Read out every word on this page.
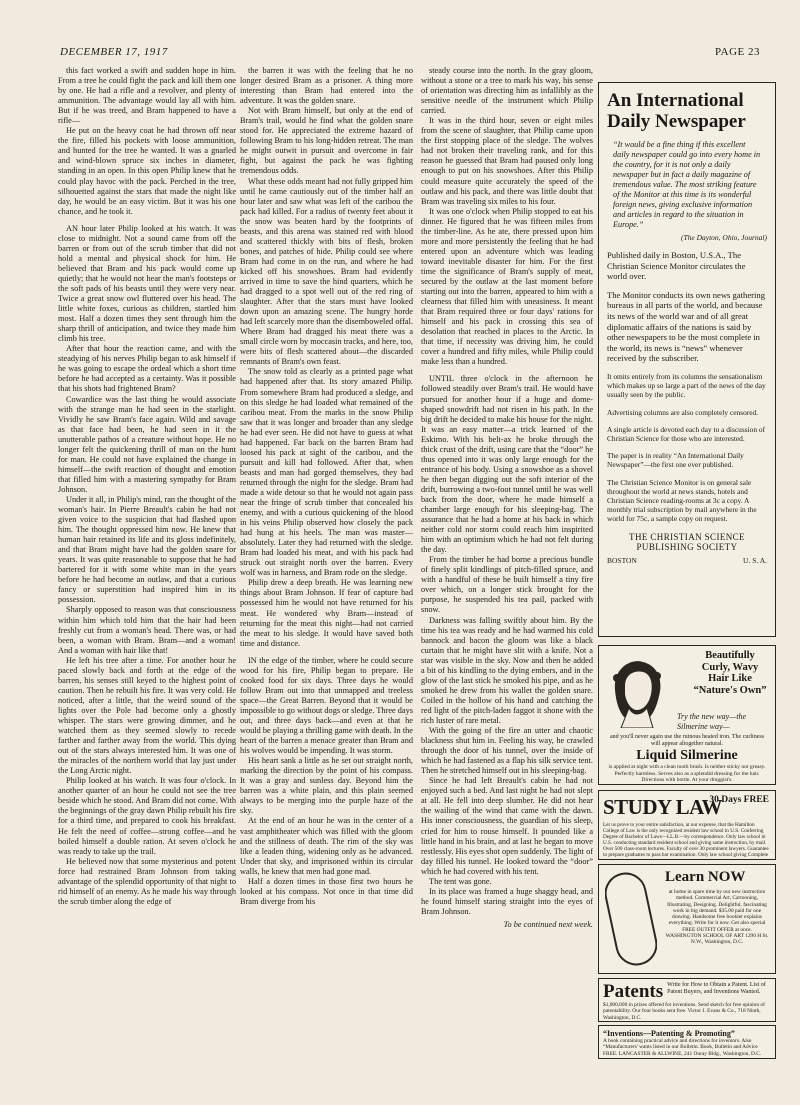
DECEMBER 17, 1917	PAGE 23

this fact worked a swift and sudden hope in him. From a tree he could fight the pack and kill them one by one. He had a rifle and a revolver, and plenty of ammunition. The advantage would lay all with him. But if he was treed, and Bram happened to have a rifle—

He put on the heavy coat he had thrown off near the fire, filled his pockets with loose ammunition, and hunted for the tree he wanted. It was a gnarled and wind-blown spruce six inches in diameter, standing in an open. In this open Philip knew that he could play havoc with the pack. Perched in the tree, silhouetted against the stars that made the night like day, he would be an easy victim. But it was his one chance, and he took it.

AN hour later Philip looked at his watch. It was close to midnight. Not a sound came from off the barren or from out of the scrub timber that did not hold a mental and physical shock for him. He believed that Bram and his pack would come up quietly; that he would not hear the man's footsteps or the soft pads of his beasts until they were very near. Twice a great snow owl fluttered over his head. The little white foxes, curious as children, startled him most. Half a dozen times they sent through him the sharp thrill of anticipation, and twice they made him climb his tree.

After that hour the reaction came, and with the steadying of his nerves Philip began to ask himself if he was going to escape the ordeal which a short time before he had accepted as a certainty. Was it possible that his shots had frightened Bram?

Cowardice was the last thing he would associate with the strange man he had seen in the starlight. Vividly he saw Bram's face again. Wild and savage as that face had been, he had seen in it the unutterable pathos of a creature without hope. He no longer felt the quickening thrill of man on the hunt for man. He could not have explained the change in himself—the swift reaction of thought and emotion that filled him with a mastering sympathy for Bram Johnson.

Under it all, in Philip's mind, ran the thought of the woman's hair. In Pierre Breault's cabin he had not given voice to the suspicion that had flashed upon him. The thought oppressed him now. He knew that human hair retained its life and its gloss indefinitely, and that Bram might have had the golden snare for years. It was quite reasonable to suppose that he had bartered for it with some white man in the years before he had become an outlaw, and that a curious fancy or superstition had inspired him in its possession.

Sharply opposed to reason was that consciousness within him which told him that the hair had been freshly cut from a woman's head. There was, or had been, a woman with Bram. Bram—and a woman! And a woman with hair like that!

He left his tree after a time. For another hour he paced slowly back and forth at the edge of the barren, his senses still keyed to the highest point of caution. Then he rebuilt his fire. It was very cold. He noticed, after a little, that the weird sound of the lights over the Pole had become only a ghostly whisper. The stars were growing dimmer, and he watched them as they seemed slowly to recede farther and farther away from the world. This dying out of the stars always interested him. It was one of the miracles of the northern world that lay just under the Long Arctic night.

Philip looked at his watch. It was four o'clock. In another quarter of an hour he could not see the tree beside which he stood. And Bram did not come. With the beginnings of the gray dawn Philip rebuilt his fire for a third time, and prepared to cook his breakfast. He felt the need of coffee—strong coffee—and he boiled himself a double ration. At seven o'clock he was ready to take up the trail.

He believed now that some mysterious and potent force had restrained Bram Johnson from taking advantage of the splendid opportunity of that night to rid himself of an enemy. As he made his way through the scrub timber along the edge of

the barren it was with the feeling that he no longer desired Bram as a prisoner. A thing more interesting than Bram had entered into the adventure. It was the golden snare.

Not with Bram himself, but only at the end of Bram's trail, would he find what the golden snare stood for. He appreciated the extreme hazard of following Bram to his long-hidden retreat. The man he might outwit in pursuit and overcome in fair fight, but against the pack he was fighting tremendous odds.

What these odds meant had not fully gripped him until he came cautiously out of the timber half an hour later and saw what was left of the caribou the pack had killed. For a radius of twenty feet about it the snow was beaten hard by the footprints of beasts, and this arena was stained red with blood and scattered thickly with bits of flesh, broken bones, and patches of hide. Philip could see where Bram had come in on the run, and where he had kicked off his snowshoes. Bram had evidently arrived in time to save the hind quarters, which he had dragged to a spot well out of the red ring of slaughter. After that the stars must have looked down upon an amazing scene. The hungry horde had left scarcely more than the disemboweled offal. Where Bram had dragged his meat there was a small circle worn by moccasin tracks, and here, too, were bits of flesh scattered about—the discarded remnants of Bram's own feast.

The snow told as clearly as a printed page what had happened after that. Its story amazed Philip. From somewhere Bram had produced a sledge, and on this sledge he had loaded what remained of the caribou meat. From the marks in the snow Philip saw that it was longer and broader than any sledge he had ever seen. He did not have to guess at what had happened. Far back on the barren Bram had loosed his pack at sight of the caribou, and the pursuit and kill had followed. After that, when beasts and man had gorged themselves, they had returned through the night for the sledge. Bram had made a wide detour so that he would not again pass near the fringe of scrub timber that concealed his enemy, and with a curious quickening of the blood in his veins Philip observed how closely the pack had hung at his heels. The man was master—absolutely. Later they had returned with the sledge. Bram had loaded his meat, and with his pack had struck out straight north over the barren. Every wolf was in harness, and Bram rode on the sledge.

Philip drew a deep breath. He was learning new things about Bram Johnson. If fear of capture had possessed him he would not have returned for his meat. He wondered why Bram—instead of returning for the meat this night—had not carried the meat to his sledge. It would have saved both time and distance.

IN the edge of the timber, where he could secure wood for his fire, Philip began to prepare. He cooked food for six days. Three days he would follow Bram out into that unmapped and treeless space—the Great Barren. Beyond that it would be impossible to go without dogs or sledge. Three days out, and three days back—and even at that he would be playing a thrilling game with death. In the heart of the barren a menace greater than Bram and his wolves would be impending. It was storm.

His heart sank a little as he set out straight north, marking the direction by the point of his compass. It was a gray and sunless day. Beyond him the barren was a white plain, and this plain seemed always to be merging into the purple haze of the sky.

At the end of an hour he was in the center of a vast amphitheater which was filled with the gloom and the stillness of death. The rim of the sky was like a leaden thing, widening only as he advanced. Under that sky, and imprisoned within its circular walls, he knew that men had gone mad.

Half a dozen times in those first two hours he looked at his compass. Not once in that time did Bram diverge from his

steady course into the north. In the gray gloom, without a stone or a tree to mark his way, his sense of orientation was directing him as infallibly as the sensitive needle of the instrument which Philip carried.

It was in the third hour, seven or eight miles from the scene of slaughter, that Philip came upon the first stopping place of the sledge. The wolves had not broken their traveling rank, and for this reason he guessed that Bram had paused only long enough to put on his snowshoes. After this Philip could measure quite accurately the speed of the outlaw and his pack, and there was little doubt that Bram was traveling six miles to his four.

It was one o'clock when Philip stopped to eat his dinner. He figured that he was fifteen miles from the timber-line. As he ate, there pressed upon him more and more persistently the feeling that he had entered upon an adventure which was leading toward inevitable disaster for him. For the first time the significance of Bram's supply of meat, secured by the outlaw at the last moment before starting out into the barren, appeared to him with a clearness that filled him with uneasiness. It meant that Bram required three or four days' rations for himself and his pack in crossing this sea of desolation that reached in places to the Arctic. In that time, if necessity was driving him, he could cover a hundred and fifty miles, while Philip could make less than a hundred.

UNTIL three o'clock in the afternoon he followed steadily over Bram's trail. He would have pursued for another hour if a huge and dome-shaped snowdrift had not risen in his path. In the big drift he decided to make his house for the night. It was an easy matter—a trick learned of the Eskimo. With his belt-ax he broke through the thick crust of the drift, using care that the “door” he thus opened into it was only large enough for the entrance of his body. Using a snowshoe as a shovel he then began digging out the soft interior of the drift, burrowing a two-foot tunnel until he was well back from the door, where he made himself a chamber large enough for his sleeping-bag. The assurance that he had a home at his back in which neither cold nor storm could reach him inspirited him with an optimism which he had not felt during the day.

From the timber he had borne a precious bundle of finely split kindlings of pitch-filled spruce, and with a handful of these he built himself a tiny fire over which, on a longer stick brought for the purpose, he suspended his tea pail, packed with snow.

Darkness was falling swiftly about him. By the time his tea was ready and he had warmed his cold bannock and bacon the gloom was like a black curtain that he might have slit with a knife. Not a star was visible in the sky. Now and then he added a bit of his kindling to the dying embers, and in the glow of the last stick he smoked his pipe, and as he smoked he drew from his wallet the golden snare. Coiled in the hollow of his hand and catching the red light of the pitch-laden faggot it shone with the rich luster of rare metal.

With the going of the fire an utter and chaotic blackness shut him in. Feeling his way, he crawled through the door of his tunnel, over the inside of which he had fastened as a flap his silk service tent. Then he stretched himself out in his sleeping-bag.

Since he had left Breault's cabin he had not enjoyed such a bed. And last night he had not slept at all. He fell into deep slumber. He did not hear the wailing of the wind that came with the dawn. His inner consciousness, the guardian of his sleep, cried for him to rouse himself. It pounded like a little hand in his brain, and at last he began to move restlessly. His eyes shot open suddenly. The light of day filled his tunnel. He looked toward the “door” which he had covered with his tent.

The tent was gone.

In its place was framed a huge shaggy head, and he found himself staring straight into the eyes of Bram Johnson.

To be continued next week.
An International Daily Newspaper
“It would be a fine thing if this excellent daily newspaper could go into every home in the country, for it is not only a daily newspaper but in fact a daily magazine of tremendous value. The most striking feature of the Monitor at this time is its wonderful foreign news, giving exclusive information and articles in regard to the situation in Europe.”
(The Dayton, Ohio, Journal)
Published daily in Boston, U.S.A., The Christian Science Monitor circulates the world over.
The Monitor conducts its own news gathering bureaus in all parts of the world, and because its news of the world war and of all great diplomatic affairs of the nations is said by other newspapers to be the most complete in the world, its news is “news” whenever received by the subscriber.
It omits entirely from its columns the sensationalism which makes up so large a part of the news of the day usually seen by the public.
Advertising columns are also completely censored.
A single article is devoted each day to a discussion of Christian Science for those who are interested.
The paper is in reality “An International Daily Newspaper”—the first one ever published.
The Christian Science Monitor is on general sale throughout the world at news stands, hotels and Christian Science reading-rooms at 3c a copy. A monthly trial subscription by mail anywhere in the world for 75c, a sample copy on request.
THE CHRISTIAN SCIENCE PUBLISHING SOCIETY
BOSTON	U. S. A.
Beautifully Curly, Wavy Hair Like “Nature's Own”
Try the new way—the Silmerine way—
and you'll never again use the ruinous heated iron. The curliness will appear altogether natural.
Liquid Silmerine
is applied at night with a clean tooth brush. Is neither sticky nor greasy. Perfectly harmless. Serves also as a splendid dressing for the hair. Directions with bottle. At your druggist's.
STUDY LAW
30 Days FREE
Let us prove to your entire satisfaction, at our expense, that the Hamilton College of Law is the only recognized resident law school in U.S. Conferring Degree of Bachelor of Laws—LL.B.—by correspondence. Only law school in U.S. conducting standard resident school and giving same instruction, by mail. Over 500 class-room lectures. Faculty of over 30 prominent lawyers. Guarantee to prepare graduates to pass bar examination. Only law school giving Complete
Learn NOW
at home in spare time by our new instruction method. Commercial Art, Cartooning, Illustrating, Designing. Delightful, fascinating work in big demand. $35.00 paid for one drawing. Handsome free booklet explains everything. Write for it now. Get also special FREE OUTFIT OFFER at once. WASHINGTON SCHOOL OF ART 1290 H St. N.W., Washington, D.C.
Patents Write for How to Obtain a Patent. List of Patent Buyers, and Inventions Wanted.
$1,000,000 in prizes offered for inventions. Send sketch for free opinion of patentability. Our four books sent free. Victor J. Evans & Co., 718 Ninth, Washington, D.C.
“Inventions—Patenting & Promoting”
A book containing practical advice and directions for inventors. Also “Manufacturers' wants listed in our Bulletin. Book, Bulletin and Advice FREE. LANCASTER & ALLWINE, 241 Ouray Bldg., Washington, D.C.
